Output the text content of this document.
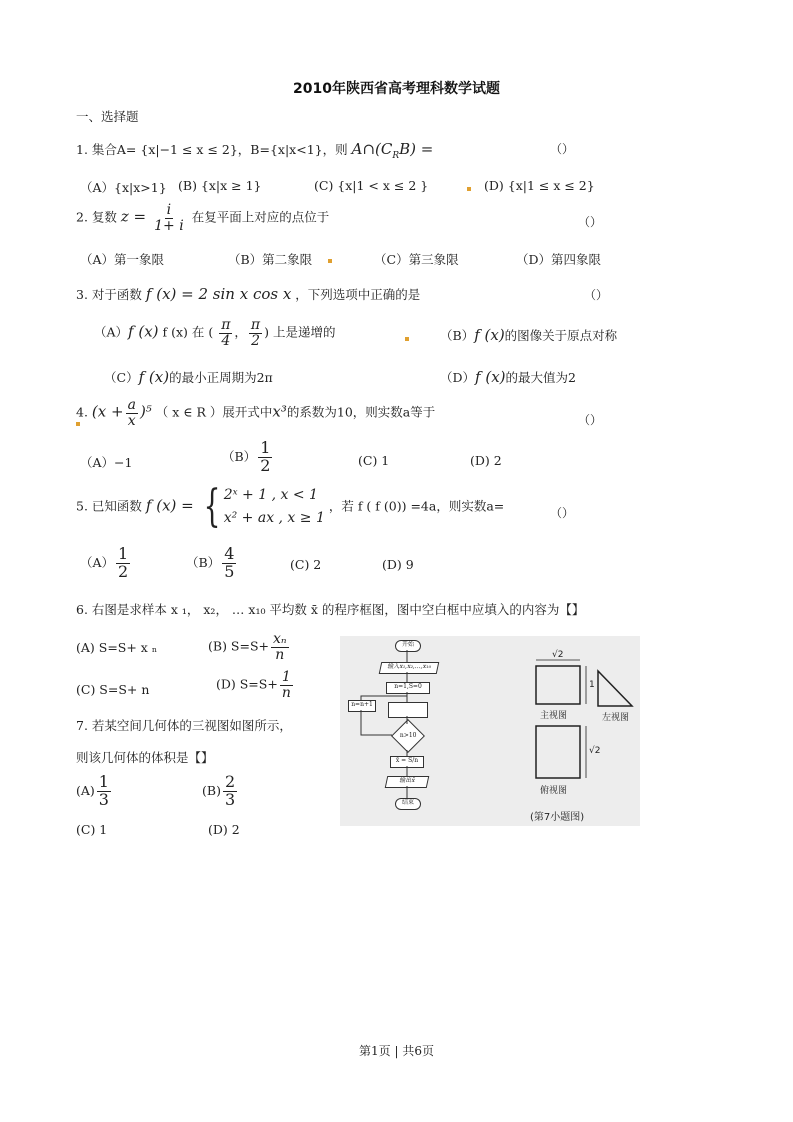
2010年陕西省高考理科数学试题
一、选择题
1. 集合A= {x|−1 ≤ x ≤ 2}，B={x|x<1}，则 $A\cap(C_RB)$ =	（）
（A）{x|x>1} (B) {x|x ≥ 1}	(C) {x|1 < x ≤ 2 }	(D) {x|1 ≤ x ≤ 2}
2. 复数 $z = \frac{i}{1+ i}$ 在复平面上对应的点位于	（）
（A）第一象限	（B）第二象限	（C）第三象限	（D）第四象限
3. 对于函数 f (x) = 2 sin x cos x ，下列选项中正确的是	（）
（A）f (x) f (x) 在 ( $\frac{\pi}{4}$ ， $\frac{\pi}{2}$ ) 上是递增的	（B）f (x)的图像关于原点对称
（C）f (x)的最小正周期为2π	（D）f (x)的最大值为2
4. $(x + \frac{a}{x} )^5$ （ x ∈ R ）展开式中x³的系数为10，则实数a等于
（）
（A）−1	$(B) \frac{1}{2}$	(C) 1	(D) 2
5. 已知函数 f (x) = { 2ˣ + 1 , x < 1
x² + ax , x ≥ 1
，若 f ( f (0)) =4a，则实数a=	（）
$(A) \frac{1}{2}$	$(B) \frac{4}{5}$	(C) 2	(D) 9
6. 右图是求样本 x ₁， x₂， … x₁₀ 平均数 x̄ 的程序框图，图中空白框中应填入的内容为【】
(A) S=S+ x ₙ	(B) $S=S+ \frac{\text{xₙ}}{n}$
(C) S=S+ n	(D) $S=S+ \frac{1}{n}$
7. 若某空间几何体的三视图如图所示，
则该几何体的体积是【】
$(A) \frac{1}{3}$	$(B) \frac{2}{3}$
(C) 1	(D) 2
开始
输入x₁,x₂,…,x₁₀
n=1,S=0
n=n+1
n>10
x̄ = S/n
输出x̄
结束
√2
1
√2
主视图	左视图
俯视图
(第7小题图)
第1页 | 共6页
